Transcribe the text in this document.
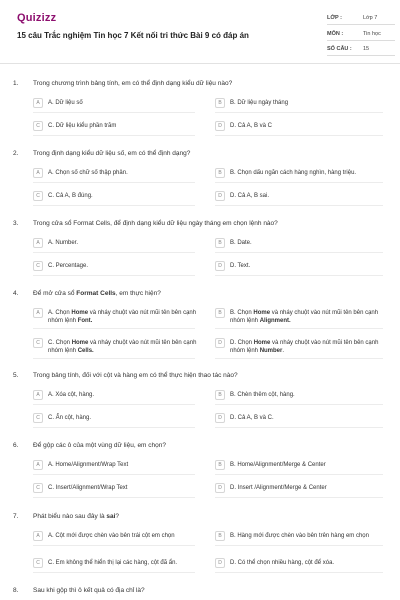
Quizizz
15 câu Trắc nghiệm Tin học 7 Kết nối tri thức Bài 9 có đáp án
LỚP :	Lớp 7
MÔN :	Tin học
SỐ CÂU :	15
1. Trong chương trình bảng tính, em có thể định dạng kiểu dữ liệu nào?
A	A. Dữ liệu số	B	B. Dữ liệu ngày tháng
C	C. Dữ liệu kiểu phần trăm	D	D. Cả A, B và C
2. Trong định dạng kiểu dữ liệu số, em có thể định dạng?
A	A. Chọn số chữ số thập phân.	B	B. Chọn dấu ngăn cách hàng nghìn, hàng triệu.
C	C. Cả A, B đúng.	D	D. Cả A, B sai.
3. Trong cửa sổ Format Cells, để định dạng kiểu dữ liệu ngày tháng em chọn lệnh nào?
A	A. Number.	B	B. Date.
C	C. Percentage.	D	D. Text.
4. Để mở cửa sổ Format Cells, em thực hiện?
A	A. Chọn Home và nháy chuột vào nút mũi tên bên cạnh nhóm lệnh Font.
B	B. Chọn Home và nháy chuột vào nút mũi tên bên cạnh nhóm lệnh Alignment.
C	C. Chọn Home và nháy chuột vào nút mũi tên bên cạnh nhóm lệnh Cells.
D	D. Chọn Home và nháy chuột vào nút mũi tên bên cạnh nhóm lệnh Number.
5. Trong bảng tính, đối với cột và hàng em có thể thực hiện thao tác nào?
A	A. Xóa cột, hàng.	B	B. Chèn thêm cột, hàng.
C	C. Ẩn cột, hàng.	D	D. Cả A, B và C.
6. Để gộp các ô của một vùng dữ liệu, em chọn?
A	A. Home/Alignment/Wrap Text	B	B. Home/Alignment/Merge & Center
C	C. Insert/Alignment/Wrap Text	D	D. Insert /Alignment/Merge & Center
7. Phát biểu nào sau đây là sai?
A	A. Cột mới được chèn vào bên trái cột em chọn	B	B. Hàng mới được chèn vào bên trên hàng em chọn
C	C. Em không thể hiển thị lại các hàng, cột đã ẩn.	D	D. Có thể chọn nhiều hàng, cột để xóa.
8. Sau khi gộp thì ô kết quả có địa chỉ là?
